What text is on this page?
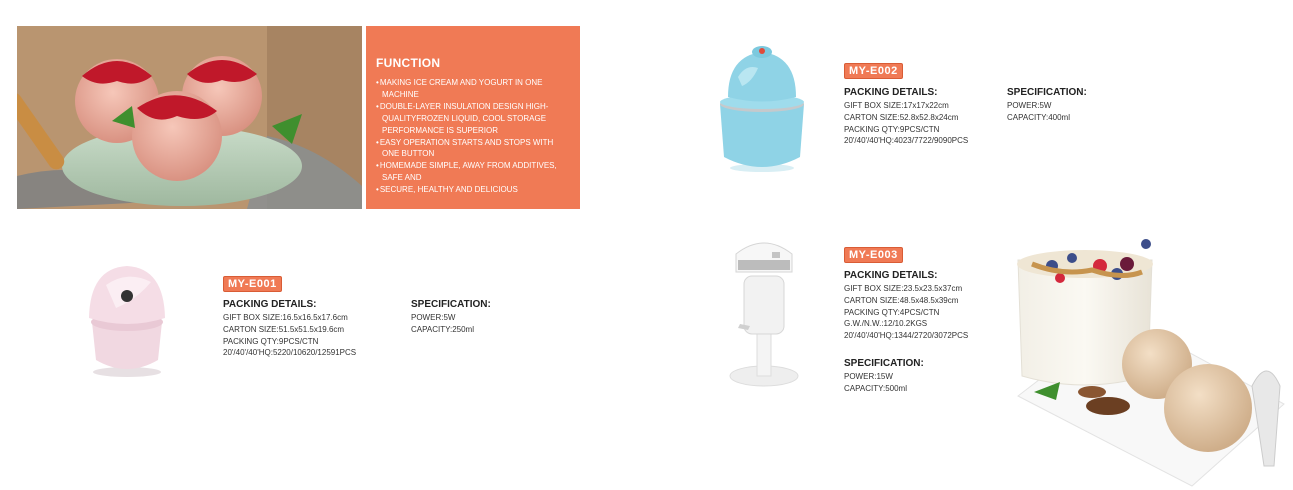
FUNCTION
• MAKING ICE CREAM AND YOGURT IN ONE MACHINE
• DOUBLE-LAYER INSULATION DESIGN HIGH-QUALITYFROZEN LIQUID, COOL STORAGE PERFORMANCE IS SUPERIOR
• EASY OPERATION STARTS AND STOPS WITH ONE BUTTON
• HOMEMADE SIMPLE, AWAY FROM ADDITIVES, SAFE AND
• SECURE, HEALTHY AND DELICIOUS
MY-E001
PACKING DETAILS:
GIFT BOX SIZE:16.5x16.5x17.6cm
CARTON SIZE:51.5x51.5x19.6cm
PACKING QTY:9PCS/CTN
20'/40'/40'HQ:5220/10620/12591PCS
SPECIFICATION:
POWER:5W
CAPACITY:250ml
MY-E002
PACKING DETAILS:
GIFT BOX SIZE:17x17x22cm
CARTON SIZE:52.8x52.8x24cm
PACKING QTY:9PCS/CTN
20'/40'/40'HQ:4023/7722/9090PCS
SPECIFICATION:
POWER:5W
CAPACITY:400ml
MY-E003
PACKING DETAILS:
GIFT BOX SIZE:23.5x23.5x37cm
CARTON SIZE:48.5x48.5x39cm
PACKING QTY:4PCS/CTN
G.W./N.W.:12/10.2KGS
20'/40'/40'HQ:1344/2720/3072PCS
SPECIFICATION:
POWER:15W
CAPACITY:500ml
